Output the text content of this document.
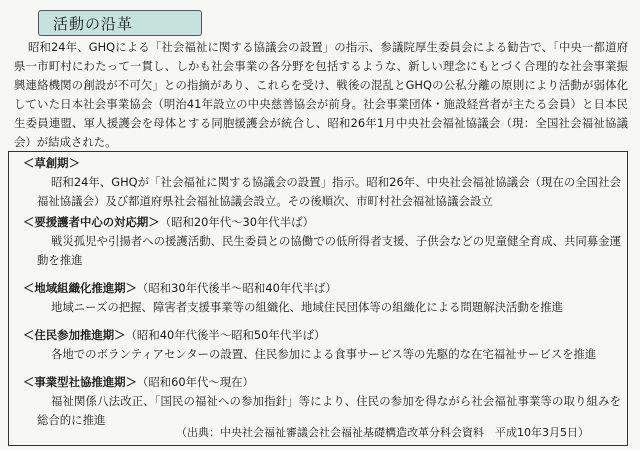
活動の沿革
昭和24年、GHQによる「社会福祉に関する協議会の設置」の指示、参議院厚生委員会による勧告で、「中央一都道府県一市町村にわたって一貫し、しかも社会事業の各分野を包括するような、新しい理念にもとづく合理的な社会事業振興連絡機関の創設が不可欠」との指摘があり、これらを受け、戦後の混乱とGHQの公私分離の原則により活動が弱体化していた日本社会事業協会（明治41年設立の中央慈善協会が前身。社会事業団体・施設経営者が主たる会員）と日本民生委員連盟、軍人援護会を母体とする同胞援護会が統合し、昭和26年1月中央社会福祉協議会（現：全国社会福祉協議会）が結成された。
＜草創期＞
昭和24年、GHQが「社会福祉に関する協議会の設置」指示。昭和26年、中央社会福祉協議会（現在の全国社会福祉協議会）及び都道府県社会福祉協議会設立。その後順次、市町村社会福祉協議会設立
＜要援護者中心の対応期＞（昭和20年代～30年代半ば）
戦災孤児や引揚者への援護活動、民生委員との協働での低所得者支援、子供会などの児童健全育成、共同募金運動を推進
＜地域組織化推進期＞（昭和30年代後半～昭和40年代半ば）
地域ニーズの把握、障害者支援事業等の組織化、地域住民団体等の組織化による問題解決活動を推進
＜住民参加推進期＞（昭和40年代後半～昭和50年代半ば）
各地でのボランティアセンターの設置、住民参加による食事サービス等の先駆的な在宅福祉サービスを推進
＜事業型社協推進期＞（昭和60年代～現在）
福祉関係八法改正、「国民の福祉への参加指針」等により、住民の参加を得ながら社会福祉事業等の取り組みを総合的に推進
（出典：中央社会福祉審議会社会福祉基礎構造改革分科会資料　平成10年3月5日）
